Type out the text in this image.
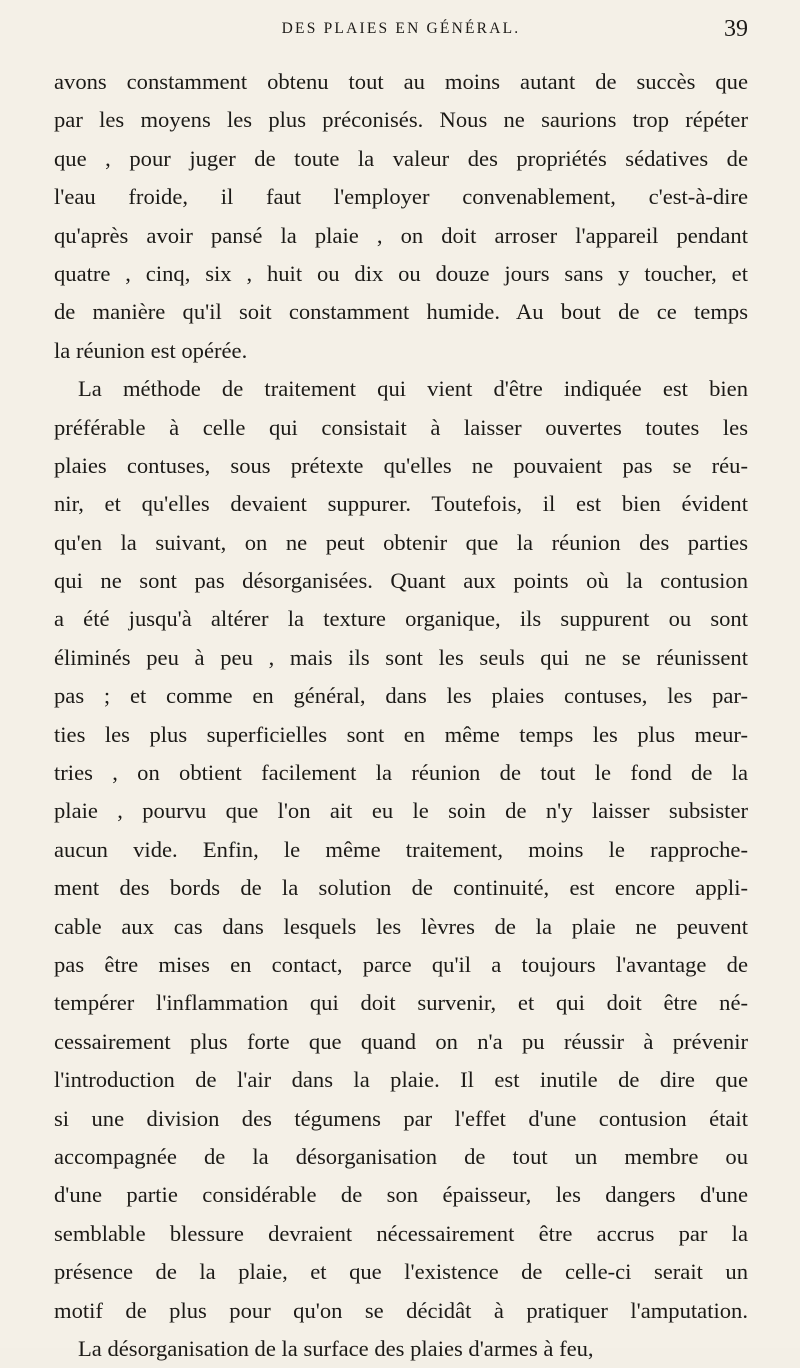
DES PLAIES EN GÉNÉRAL.	39
avons constamment obtenu tout au moins autant de succès que
par les moyens les plus préconisés. Nous ne saurions trop répéter
que , pour juger de toute la valeur des propriétés sédatives de
l'eau froide, il faut l'employer convenablement, c'est-à-dire
qu'après avoir pansé la plaie , on doit arroser l'appareil pendant
quatre , cinq, six , huit ou dix ou douze jours sans y toucher, et
de manière qu'il soit constamment humide. Au bout de ce temps
la réunion est opérée.
La méthode de traitement qui vient d'être indiquée est bien
préférable à celle qui consistait à laisser ouvertes toutes les
plaies contuses, sous prétexte qu'elles ne pouvaient pas se réu-
nir, et qu'elles devaient suppurer. Toutefois, il est bien évident
qu'en la suivant, on ne peut obtenir que la réunion des parties
qui ne sont pas désorganisées. Quant aux points où la contusion
a été jusqu'à altérer la texture organique, ils suppurent ou sont
éliminés peu à peu , mais ils sont les seuls qui ne se réunissent
pas ; et comme en général, dans les plaies contuses, les par-
ties les plus superficielles sont en même temps les plus meur-
tries , on obtient facilement la réunion de tout le fond de la
plaie , pourvu que l'on ait eu le soin de n'y laisser subsister
aucun vide. Enfin, le même traitement, moins le rapproche-
ment des bords de la solution de continuité, est encore appli-
cable aux cas dans lesquels les lèvres de la plaie ne peuvent
pas être mises en contact, parce qu'il a toujours l'avantage de
tempérer l'inflammation qui doit survenir, et qui doit être né-
cessairement plus forte que quand on n'a pu réussir à prévenir
l'introduction de l'air dans la plaie. Il est inutile de dire que
si une division des tégumens par l'effet d'une contusion était
accompagnée de la désorganisation de tout un membre ou
d'une partie considérable de son épaisseur, les dangers d'une
semblable blessure devraient nécessairement être accrus par la
présence de la plaie, et que l'existence de celle-ci serait un
motif de plus pour qu'on se décidât à pratiquer l'amputation.
La désorganisation de la surface des plaies d'armes à feu,
